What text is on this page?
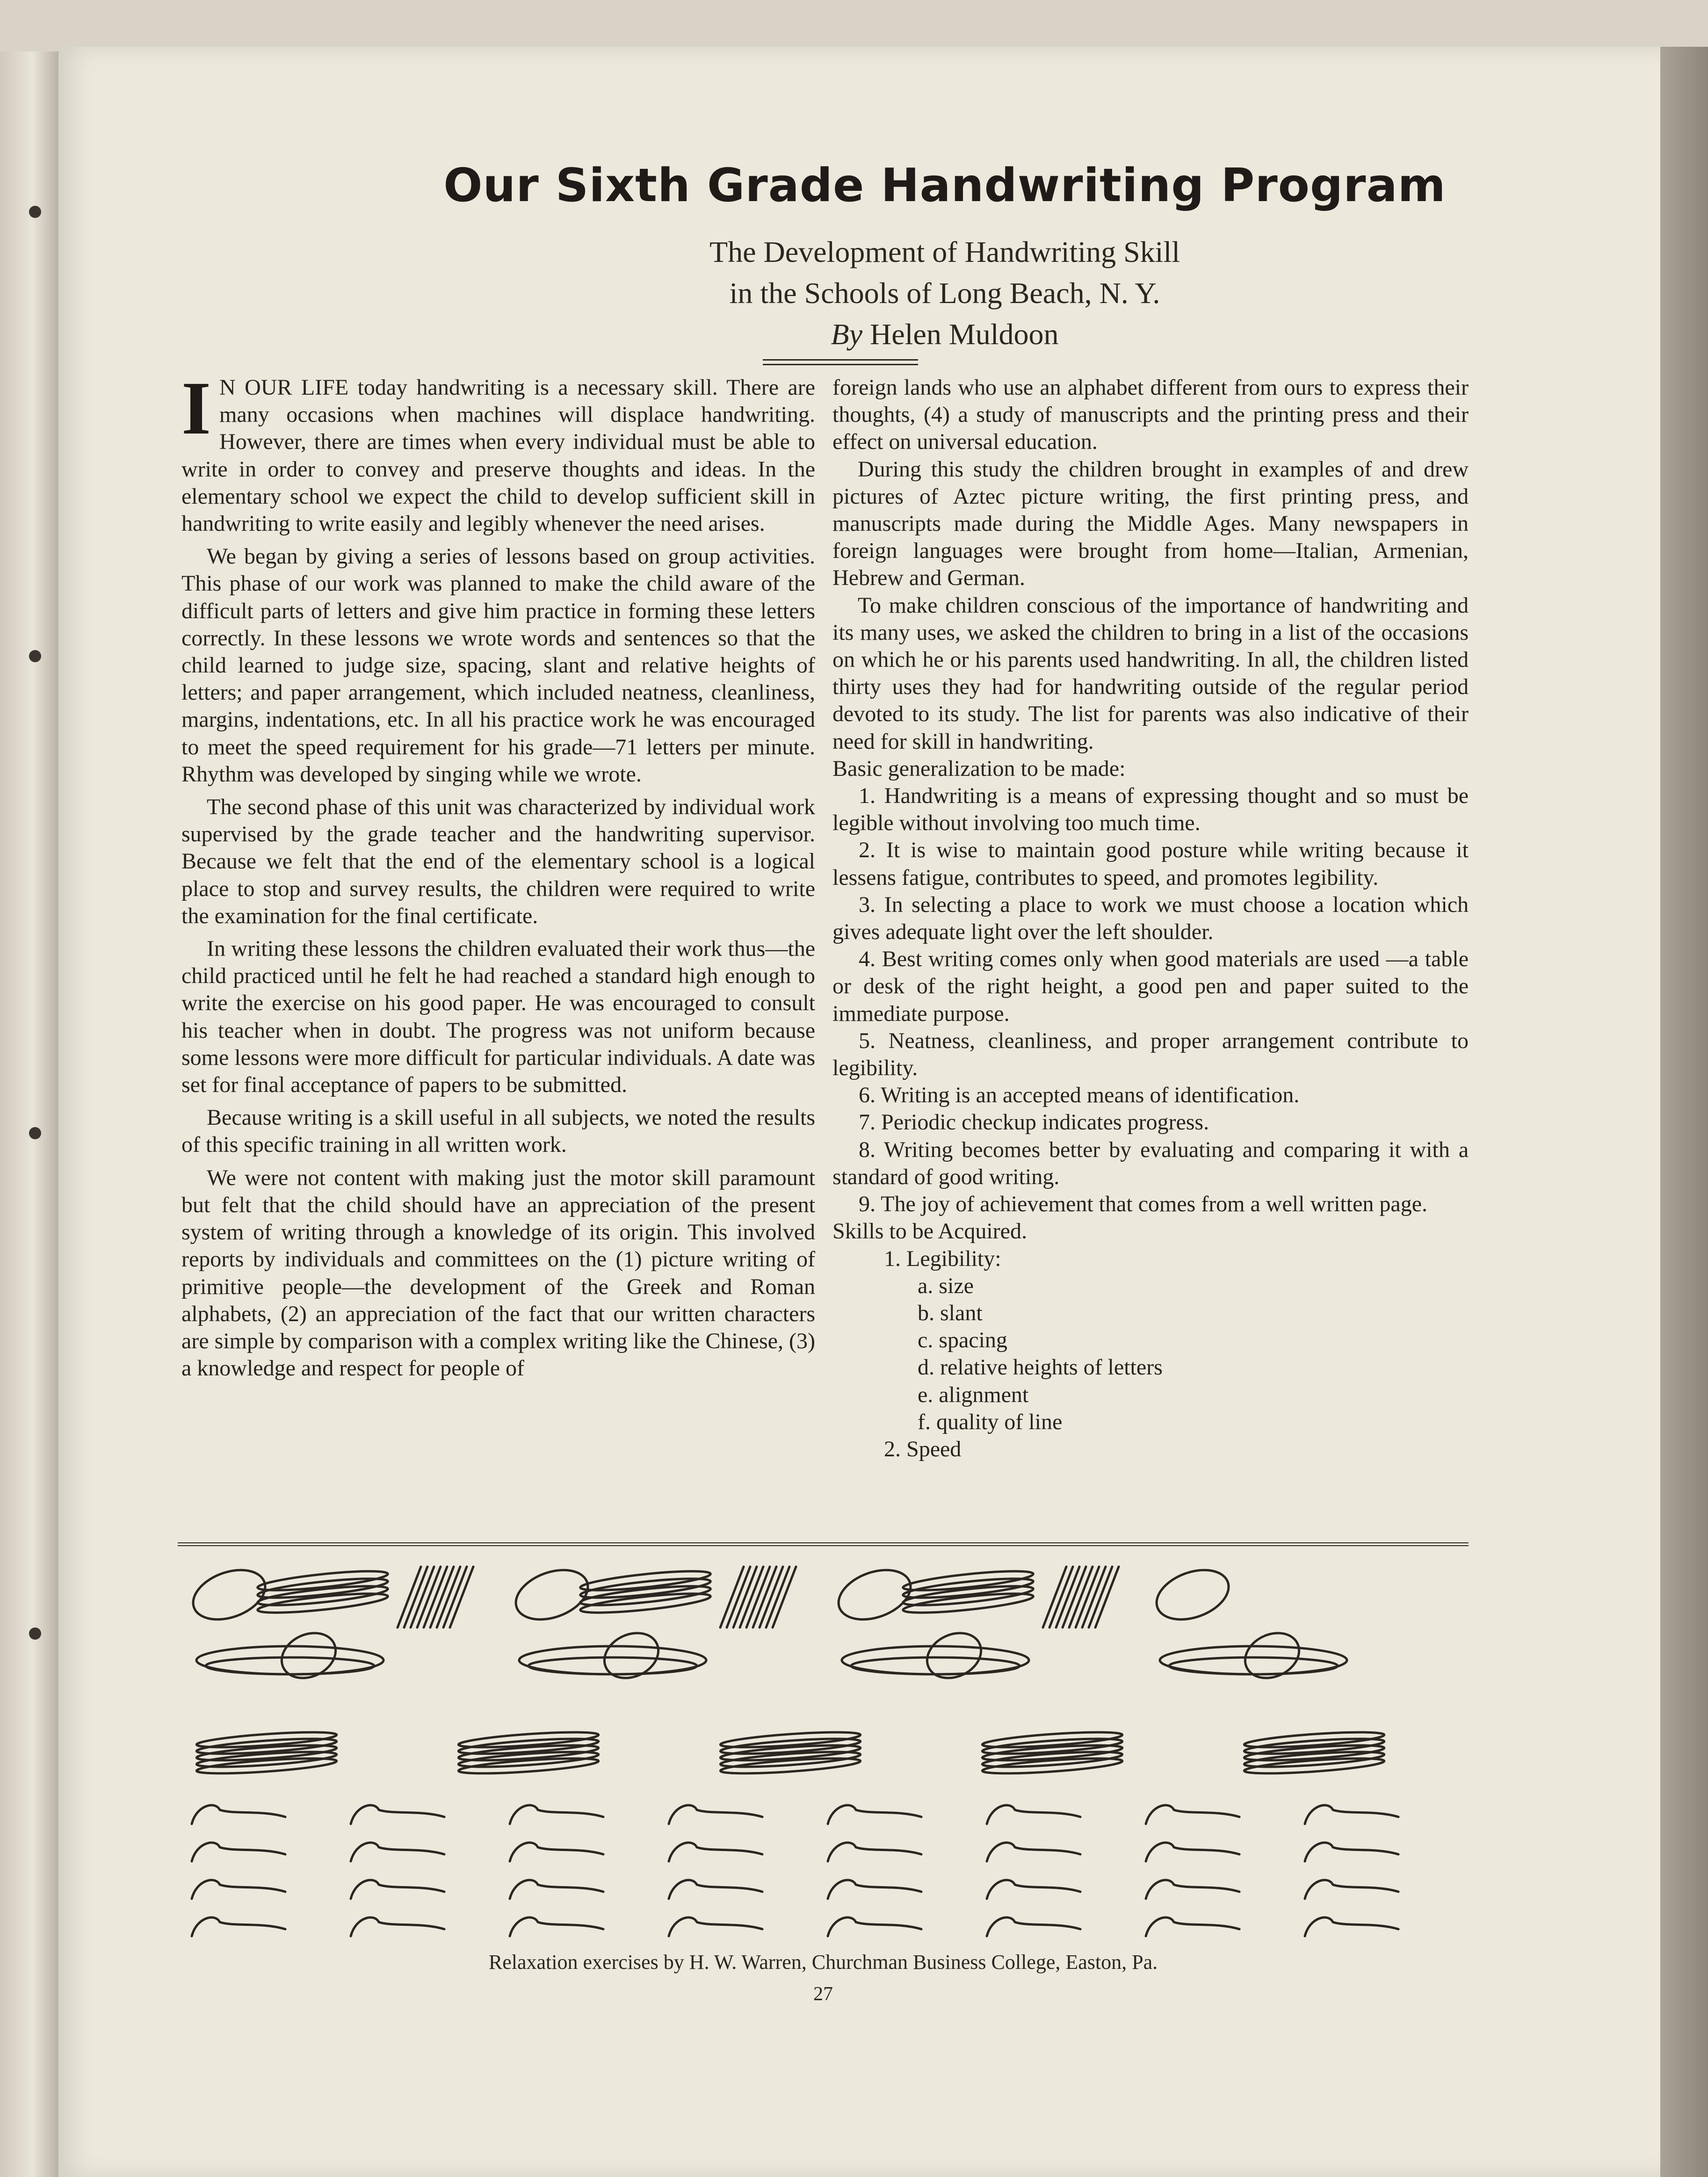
Our Sixth Grade Handwriting Program
The Development of Handwriting Skill
in the Schools of Long Beach, N. Y.
By Helen Muldoon

I N OUR LIFE today handwriting is a necessary skill. There are many occasions when machines will displace handwriting. However, there are times when every individual must be able to write in order to convey and preserve thoughts and ideas. In the elementary school we expect the child to develop sufficient skill in handwriting to write easily and legibly whenever the need arises.

We began by giving a series of lessons based on group activities. This phase of our work was planned to make the child aware of the difficult parts of letters and give him practice in forming these letters correctly. In these lessons we wrote words and sentences so that the child learned to judge size, spacing, slant and relative heights of letters; and paper arrangement, which included neatness, cleanliness, margins, indentations, etc. In all his practice work he was encouraged to meet the speed requirement for his grade—71 letters per minute. Rhythm was developed by singing while we wrote.

The second phase of this unit was characterized by individual work supervised by the grade teacher and the handwriting supervisor. Because we felt that the end of the elementary school is a logical place to stop and survey results, the children were required to write the examination for the final certificate.

In writing these lessons the children evaluated their work thus—the child practiced until he felt he had reached a standard high enough to write the exercise on his good paper. He was encouraged to consult his teacher when in doubt. The progress was not uniform because some lessons were more difficult for particular individuals. A date was set for final acceptance of papers to be submitted.

Because writing is a skill useful in all subjects, we noted the results of this specific training in all written work.

We were not content with making just the motor skill paramount but felt that the child should have an appreciation of the present system of writing through a knowledge of its origin. This involved reports by individuals and committees on the (1) picture writing of primitive people—the development of the Greek and Roman alphabets, (2) an appreciation of the fact that our written characters are simple by comparison with a complex writing like the Chinese, (3) a knowledge and respect for people of

foreign lands who use an alphabet different from ours to express their thoughts, (4) a study of manuscripts and the printing press and their effect on universal education.

During this study the children brought in examples of and drew pictures of Aztec picture writing, the first printing press, and manuscripts made during the Middle Ages. Many newspapers in foreign languages were brought from home—Italian, Armenian, Hebrew and German.

To make children conscious of the importance of handwriting and its many uses, we asked the children to bring in a list of the occasions on which he or his parents used handwriting. In all, the children listed thirty uses they had for handwriting outside of the regular period devoted to its study. The list for parents was also indicative of their need for skill in handwriting.

Basic generalization to be made:

1. Handwriting is a means of expressing thought and so must be legible without involving too much time.

2. It is wise to maintain good posture while writing because it lessens fatigue, contributes to speed, and promotes legibility.

3. In selecting a place to work we must choose a location which gives adequate light over the left shoulder.

4. Best writing comes only when good materials are used —a table or desk of the right height, a good pen and paper suited to the immediate purpose.

5. Neatness, cleanliness, and proper arrangement contribute to legibility.

6. Writing is an accepted means of identification.

7. Periodic checkup indicates progress.

8. Writing becomes better by evaluating and comparing it with a standard of good writing.

9. The joy of achievement that comes from a well written page.

Skills to be Acquired.

1. Legibility:

a. size

b. slant

c. spacing

d. relative heights of letters

e. alignment

f. quality of line

2. Speed

Relaxation exercises by H. W. Warren, Churchman Business College, Easton, Pa.
27
